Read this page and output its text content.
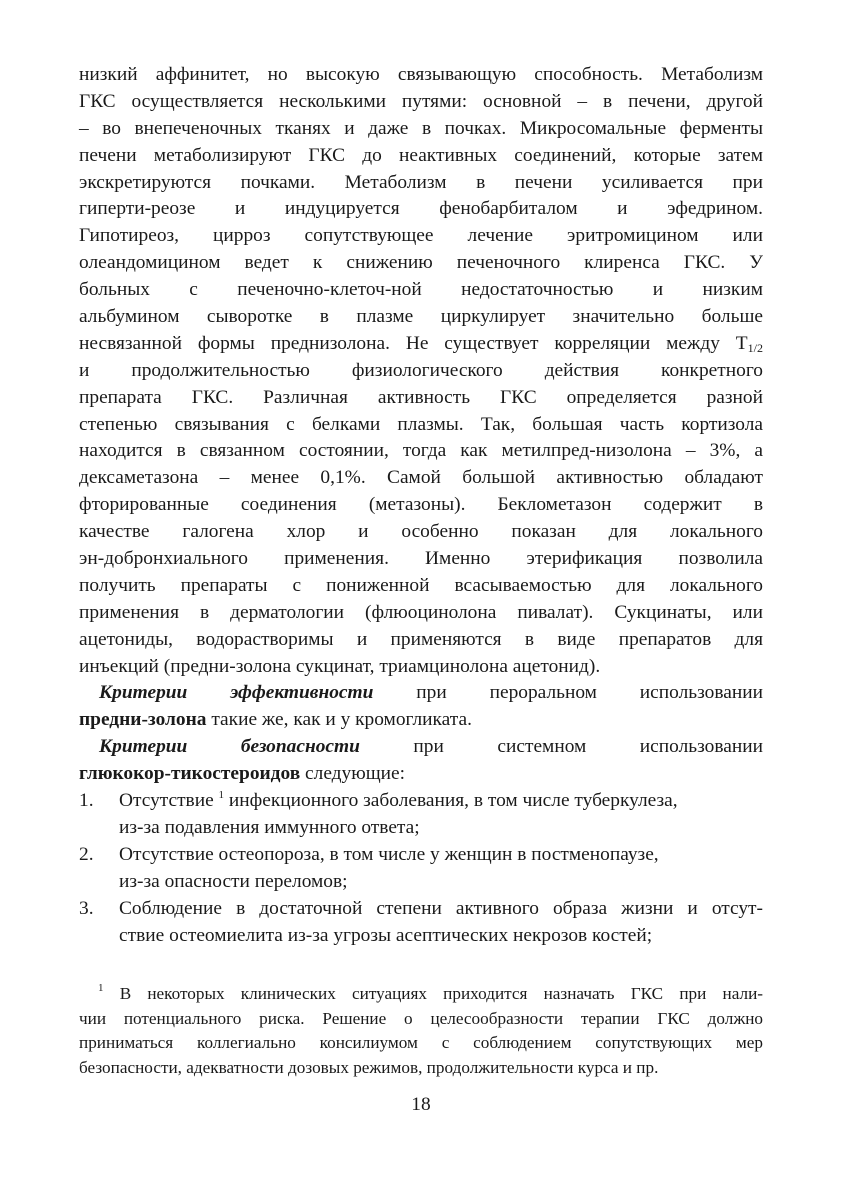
низкий аффинитет, но высокую связывающую способность. Метаболизм
ГКС осуществляется несколькими путями: основной – в печени, другой
– во внепеченочных тканях и даже в почках. Микросомальные ферменты
печени метаболизируют ГКС до неактивных соединений, которые затем
экскретируются почками. Метаболизм в печени усиливается при
гиперти-реозе и индуцируется фенобарбиталом и эфедрином.
Гипотиреоз, цирроз сопутствующее лечение эритромицином или
олеандомицином ведет к снижению печеночного клиренса ГКС. У
больных с печеночно-клеточ-ной недостаточностью и низким
альбумином сыворотке в плазме циркулирует значительно больше
несвязанной формы преднизолона. Не существует корреляции между $Т_{1/2}$
и продолжительностью физиологического действия конкретного
препарата ГКС. Различная активность ГКС определяется разной
степенью связывания с белками плазмы. Так, большая часть кортизола
находится в связанном состоянии, тогда как метилпред-низолона – 3%, а
дексаметазона – менее 0,1%. Самой большой активностью обладают
фторированные соединения (метазоны). Беклометазон содержит в
качестве галогена хлор и особенно показан для локального
эн-добронхиального применения. Именно этерификация позволила
получить препараты с пониженной всасываемостью для локального
применения в дерматологии (флюоцинолона пивалат). Сукцинаты, или
ацетониды, водорастворимы и применяются в виде препаратов для
инъекций (предни-золона сукцинат, триамцинолона ацетонид).
Критерии эффективности при пероральном использовании
предни-золона такие же, как и у кромогликата.
Критерии безопасности при системном использовании
глюкокор-тикостероидов следующие:
1.	Отсутствие $^1$ инфекционного заболевания, в том числе туберкулеза,
из-за подавления иммунного ответа;
2.	Отсутствие остеопороза, в том числе у женщин в постменопаузе,
из-за опасности переломов;
3.	Соблюдение в достаточной степени активного образа жизни и отсут-
ствие остеомиелита из-за угрозы асептических некрозов костей;
$^1$ В некоторых клинических ситуациях приходится назначать ГКС при нали-
чии потенциального риска. Решение о целесообразности терапии ГКС должно
приниматься коллегиально консилиумом с соблюдением сопутствующих мер
безопасности, адекватности дозовых режимов, продолжительности курса и пр.
18
